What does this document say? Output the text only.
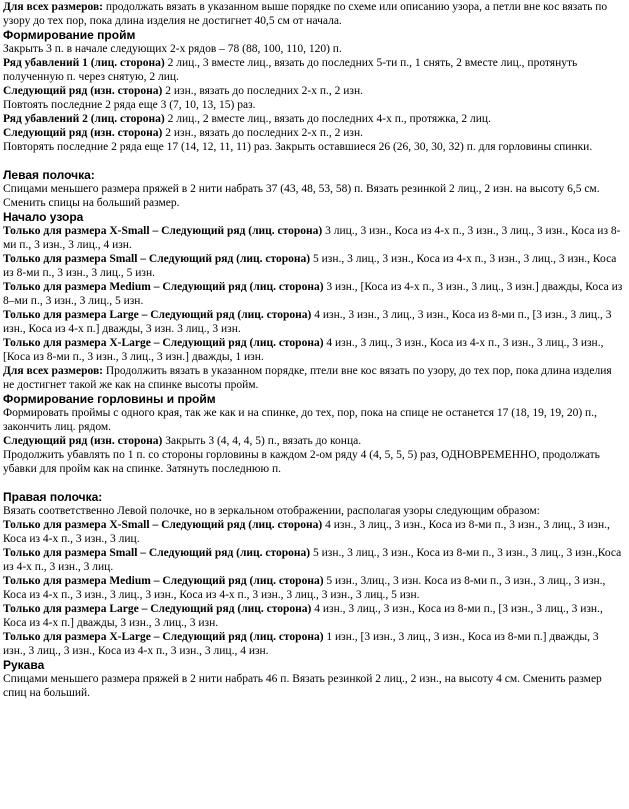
Для всех размеров: продолжать вязать в указанном выше порядке по схеме или описанию узора, а петли вне кос вязать по узору до тех пор, пока длина изделия не достигнет 40,5 см от начала.

Формирование пройм

Закрыть 3 п. в начале следующих 2-х рядов – 78 (88, 100, 110, 120) п.

Ряд убавлений 1 (лиц. сторона) 2 лиц., 3 вместе лиц., вязать до последних 5-ти п., 1 снять, 2 вместе лиц., протянуть полученную п. через снятую, 2 лиц.

Следующий ряд (изн. сторона) 2 изн., вязать до последних 2-х п., 2 изн.

Повтоять последние 2 ряда еще 3 (7, 10, 13, 15) раз.

Ряд убавлений 2 (лиц. сторона) 2 лиц., 2 вместе лиц., вязать до последних 4-х п., протяжка, 2 лиц.

Следующий ряд (изн. сторона) 2 изн., вязать до последних 2-х п., 2 изн.

Повторять последние 2 ряда еще 17 (14, 12, 11, 11) раз. Закрыть оставшиеся 26 (26, 30, 30, 32) п. для горловины спинки.

Левая полочка:

Спицами меньшего размера пряжей в 2 нити набрать 37 (43, 48, 53, 58) п. Вязать резинкой 2 лиц., 2 изн. на высоту 6,5 см. Сменить спицы на больший размер.

Начало узора

Только для размера X-Small – Следующий ряд (лиц. сторона) 3 лиц., 3 изн., Коса из 4-х п., 3 изн., 3 лиц., 3 изн., Коса из 8-ми п., 3 изн., 3 лиц., 4 изн.

Только для размера Small – Следующий ряд (лиц. сторона) 5 изн., 3 лиц., 3 изн., Коса из 4-х п., 3 изн., 3 лиц., 3 изн., Коса из 8-ми п., 3 изн., 3 лиц., 5 изн.

Только для размера Medium – Следующий ряд (лиц. сторона) 3 изн., [Коса из 4-х п., 3 изн., 3 лиц., 3 изн.] дважды, Коса из 8–ми п., 3 изн., 3 лиц., 5 изн.

Только для размера Large – Следующий ряд (лиц. сторона) 4 изн., 3 изн., 3 лиц., 3 изн., Коса из 8-ми п., [3 изн., 3 лиц., 3 изн., Коса из 4-х п.] дважды, 3 изн. 3 лиц., 3 изн.

Только для размера X-Large – Следующий ряд (лиц. сторона) 4 изн., 3 лиц., 3 изн., Коса из 4-х п., 3 изн., 3 лиц., 3 изн., [Коса из 8-ми п., 3 изн., 3 лиц., 3 изн.] дважды, 1 изн.

Для всех размеров: Продолжить вязать в указанном порядке, птели вне кос вязать по узору, до тех пор, пока длина изделия не достигнет такой же как на спинке высоты пройм.

Формирование горловины и пройм

Формировать проймы с одного края, так же как и на спинке, до тех, пор, пока на спице не останется 17 (18, 19, 19, 20) п., закончить лиц. рядом.

Следующий ряд (изн. сторона) Закрыть 3 (4, 4, 4, 5) п., вязать до конца.

Продолжить убавлять по 1 п. со стороны горловины в каждом 2-ом ряду 4 (4, 5, 5, 5) раз, ОДНОВРЕМЕННО, продолжать убавки для пройм как на спинке. Затянуть последнюю п.

Правая полочка:

Вязать соответственно Левой полочке, но в зеркальном отображении, располагая узоры следующим образом:

Только для размера X-Small – Следующий ряд (лиц. сторона) 4 изн., 3 лиц., 3 изн., Коса из 8-ми п., 3 изн., 3 лиц., 3 изн., Коса из 4-х п., 3 изн., 3 лиц.

Только для размера Small – Следующий ряд (лиц. сторона) 5 изн., 3 лиц., 3 изн., Коса из 8-ми п., 3 изн., 3 лиц., 3 изн.,Коса из 4-х п., 3 изн., 3 лиц.

Только для размера Medium – Следующий ряд (лиц. сторона) 5 изн., 3лиц., 3 изн. Коса из 8-ми п., 3 изн., 3 лиц., 3 изн., Коса из 4-х п., 3 изн., 3 лиц., 3 изн., Коса из 4-х п., 3 изн., 3 лиц., 3 изн., 3 лиц., 5 изн.

Только для размера Large – Следующий ряд (лиц. сторона) 4 изн., 3 лиц., 3 изн., Коса из 8-ми п., [3 изн., 3 лиц., 3 изн., Коса из 4-х п.] дважды, 3 изн., 3 лиц., 3 изн.

Только для размера X-Large – Следующий ряд (лиц. сторона) 1 изн., [3 изн., 3 лиц., 3 изн., Коса из 8-ми п.] дважды, 3 изн., 3 лиц., 3 изн., Коса из 4-х п., 3 изн., 3 лиц., 4 изн.

Рукава

Спицами меньшего размера пряжей в 2 нити набрать 46 п. Вязать резинкой 2 лиц., 2 изн., на высоту 4 см. Сменить размер спиц на больший.
